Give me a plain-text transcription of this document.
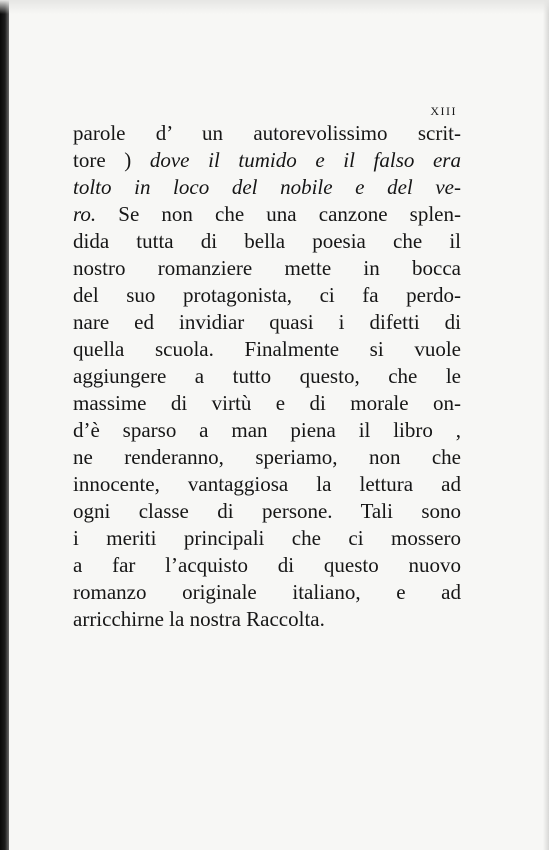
xiii
parole d’ un autorevolissimo scrit-
tore ) dove il tumido e il falso era
tolto in loco del nobile e del ve-
ro. Se non che una canzone splen-
dida tutta di bella poesia che il
nostro romanziere mette in bocca
del suo protagonista, ci fa perdo-
nare ed invidiar quasi i difetti di
quella scuola. Finalmente si vuole
aggiungere a tutto questo, che le
massime di virtù e di morale on-
d’è sparso a man piena il libro ,
ne renderanno, speriamo, non che
innocente, vantaggiosa la lettura ad
ogni classe di persone. Tali sono
i meriti principali che ci mossero
a far l’acquisto di questo nuovo
romanzo originale italiano, e ad
arricchirne la nostra Raccolta.
